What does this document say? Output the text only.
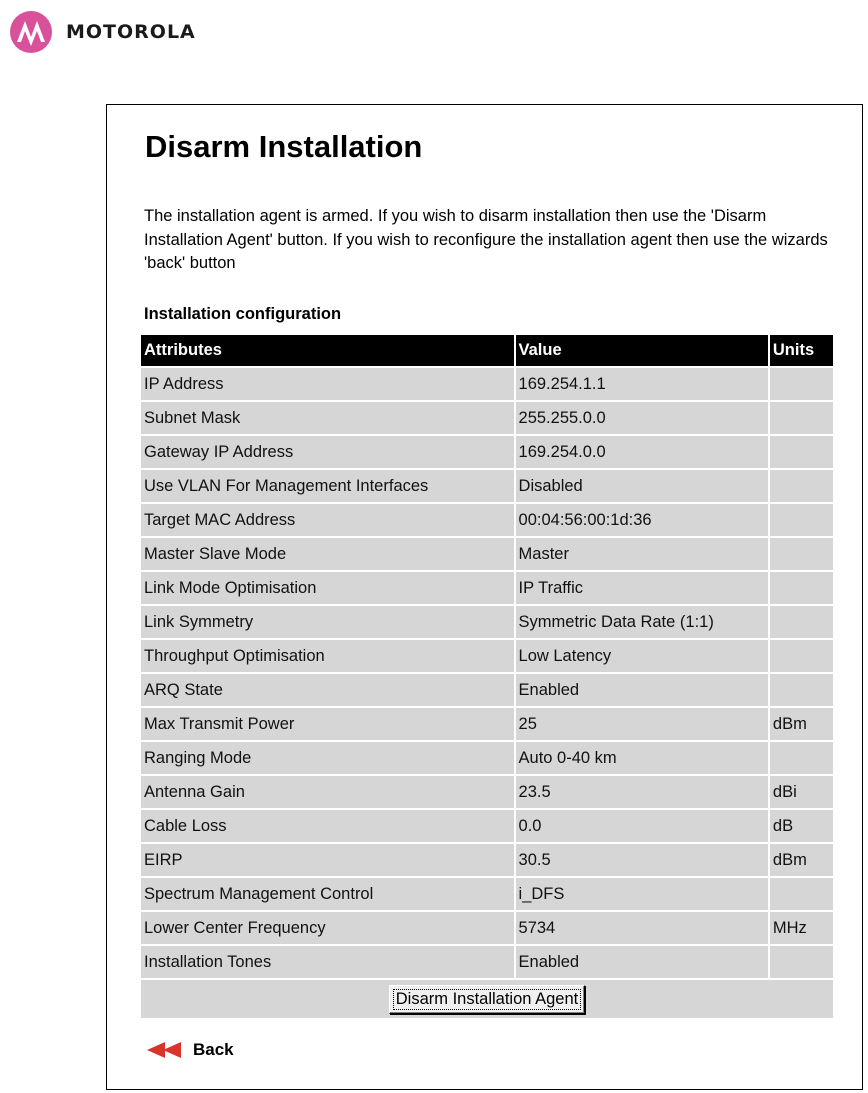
MOTOROLA
Disarm Installation

The installation agent is armed. If you wish to disarm installation then use the 'Disarm Installation Agent' button. If you wish to reconfigure the installation agent then use the wizards 'back' button

Installation configuration
Attributes	Value	Units
IP Address	169.254.1.1	
Subnet Mask	255.255.0.0	
Gateway IP Address	169.254.0.0	
Use VLAN For Management Interfaces	Disabled	
Target MAC Address	00:04:56:00:1d:36	
Master Slave Mode	Master	
Link Mode Optimisation	IP Traffic	
Link Symmetry	Symmetric Data Rate (1:1)	
Throughput Optimisation	Low Latency	
ARQ State	Enabled	
Max Transmit Power	25	dBm
Ranging Mode	Auto 0-40 km	
Antenna Gain	23.5	dBi
Cable Loss	0.0	dB
EIRP	30.5	dBm
Spectrum Management Control	i_DFS	
Lower Center Frequency	5734	MHz
Installation Tones	Enabled	
Disarm Installation Agent		
Back
